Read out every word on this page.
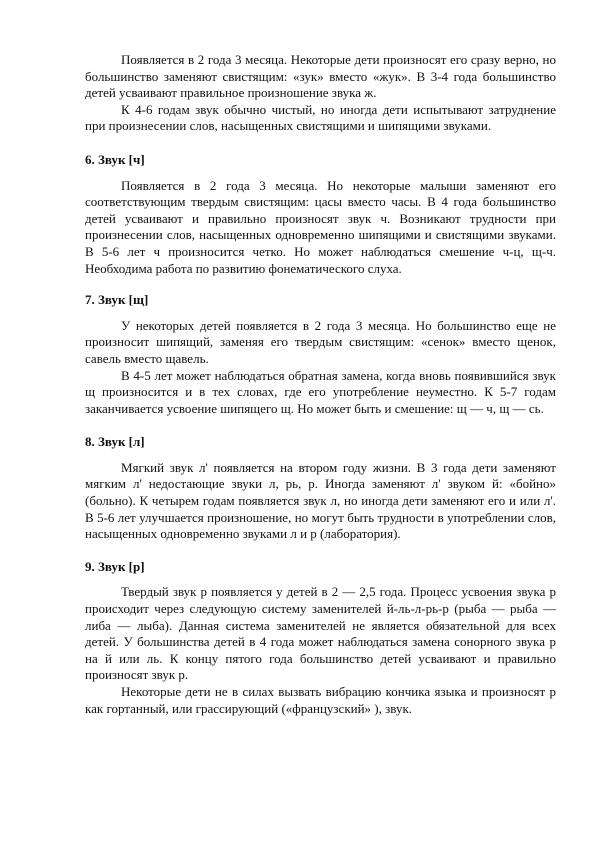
Появляется в 2 года 3 месяца. Некоторые дети произносят его сразу верно, но большинство заменяют свистящим: «зук» вместо «жук». В 3-4 года большинство детей усваивают правильное произношение звука ж.

К 4-6 годам звук обычно чистый, но иногда дети испытывают затруднение при произнесении слов, насыщенных свистящими и шипящими звуками.

6. Звук [ч]

Появляется в 2 года 3 месяца. Но некоторые малыши заменяют его соответствующим твердым свистящим: цасы вместо часы. В 4 года большинство детей усваивают и правильно произносят звук ч. Возникают трудности при произнесении слов, насыщенных одновременно шипящими и свистящими звуками. В 5-6 лет ч произносится четко. Но может наблюдаться смешение ч-ц, щ-ч. Необходима работа по развитию фонематического слуха.

7. Звук [щ]

У некоторых детей появляется в 2 года 3 месяца. Но большинство еще не произносит шипящий, заменяя его твердым свистящим: «сенок» вместо щенок, савель вместо щавель.

В 4-5 лет может наблюдаться обратная замена, когда вновь появившийся звук щ произносится и в тех словах, где его употребление неуместно. К 5-7 годам заканчивается усвоение шипящего щ. Но может быть и смешение: щ — ч, щ — сь.

8. Звук [л]

Мягкий звук л' появляется на втором году жизни. В 3 года дети заменяют мягким л' недостающие звуки л, рь, р. Иногда заменяют л' звуком й: «бойно» (больно). К четырем годам появляется звук л, но иногда дети заменяют его и или л'. В 5-6 лет улучшается произношение, но могут быть трудности в употреблении слов, насыщенных одновременно звуками л и р (лаборатория).

9. Звук [р]

Твердый звук р появляется у детей в 2 — 2,5 года. Процесс усвоения звука р происходит через следующую систему заменителей й-ль-л-рь-р (рыба — рыба — либа — лыба). Данная система заменителей не является обязательной для всех детей. У большинства детей в 4 года может наблюдаться замена сонорного звука р на й или ль. К концу пятого года большинство детей усваивают и правильно произносят звук р.

Некоторые дети не в силах вызвать вибрацию кончика языка и произносят р как гортанный, или грассирующий («французский» ), звук.
